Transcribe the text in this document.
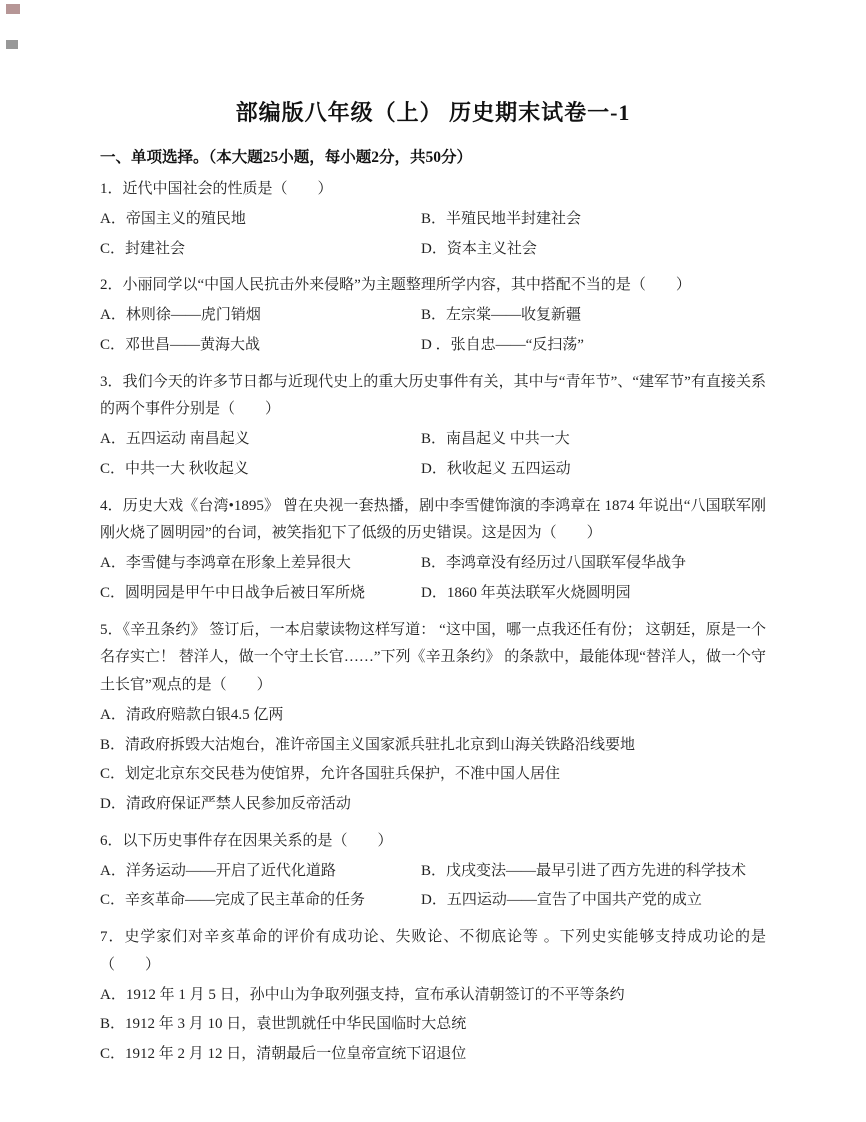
部编版八年级（上） 历史期末试卷一-1
一、单项选择。（本大题25小题，每小题2分，共50分）

1．近代中国社会的性质是（　　）

A．帝国主义的殖民地	B．半殖民地半封建社会
C．封建社会	D．资本主义社会

2．小丽同学以“中国人民抗击外来侵略”为主题整理所学内容，其中搭配不当的是（　　）

A．林则徐——虎门销烟	B．左宗棠——收复新疆
C．邓世昌——黄海大战	D ．张自忠——“反扫荡”

3．我们今天的许多节日都与近现代史上的重大历史事件有关，其中与“青年节”、“建军节”有直接关系的两个事件分别是（　　）

A．五四运动 南昌起义	B．南昌起义 中共一大
C．中共一大 秋收起义	D．秋收起义 五四运动

4．历史大戏《台湾•1895》 曾在央视一套热播，剧中李雪健饰演的李鸿章在 1874 年说出“八国联军刚刚火烧了圆明园”的台词，被笑指犯下了低级的历史错误。这是因为（　　）

A．李雪健与李鸿章在形象上差异很大	B．李鸿章没有经历过八国联军侵华战争
C．圆明园是甲午中日战争后被日军所烧	D．1860 年英法联军火烧圆明园

5．《辛丑条约》 签订后，一本启蒙读物这样写道： “这中国，哪一点我还任有份； 这朝廷，原是一个名存实亡！ 替洋人，做一个守土长官……”下列《辛丑条约》 的条款中，最能体现“替洋人，做一个守土长官”观点的是（　　）

A．清政府赔款白银4.5 亿两
B．清政府拆毁大沽炮台，准许帝国主义国家派兵驻扎北京到山海关铁路沿线要地
C．划定北京东交民巷为使馆界，允许各国驻兵保护，不准中国人居住
D．清政府保证严禁人民参加反帝活动

6．以下历史事件存在因果关系的是（　　）

A．洋务运动——开启了近代化道路	B．戊戌变法——最早引进了西方先进的科学技术
C．辛亥革命——完成了民主革命的任务	D．五四运动——宣告了中国共产党的成立

7．史学家们对辛亥革命的评价有成功论、失败论、不彻底论等 。下列史实能够支持成功论的是（　　）

A．1912 年 1 月 5 日，孙中山为争取列强支持，宣布承认清朝签订的不平等条约
B．1912 年 3 月 10 日，袁世凯就任中华民国临时大总统
C．1912 年 2 月 12 日，清朝最后一位皇帝宣统下诏退位
